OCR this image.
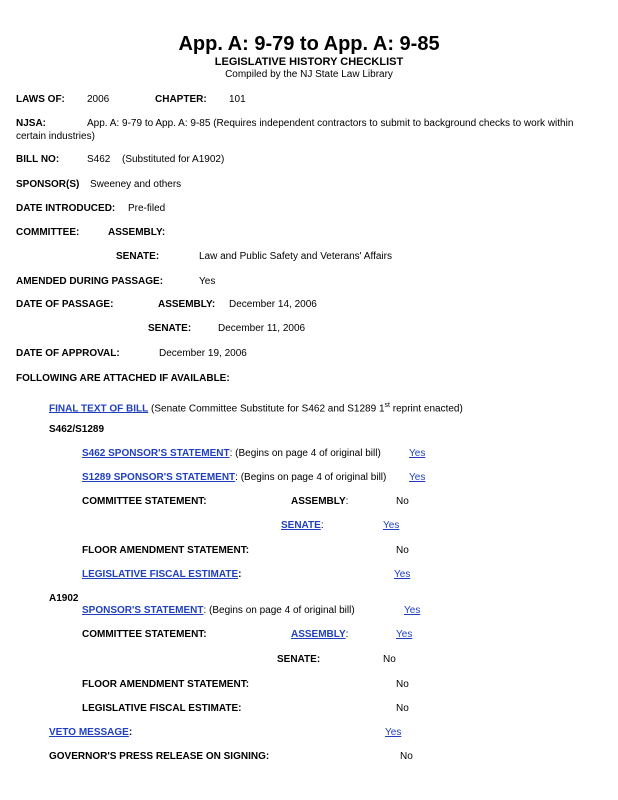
App. A: 9-79 to App. A: 9-85
LEGISLATIVE HISTORY CHECKLIST
Compiled by the NJ State Law Library
LAWS OF: 2006	CHAPTER: 101
NJSA:	App. A: 9-79 to App. A: 9-85 (Requires independent contractors to submit to background checks to work within certain industries)
BILL NO:	S462 (Substituted for A1902)
SPONSOR(S) Sweeney and others
DATE INTRODUCED: Pre-filed
COMMITTEE:	ASSEMBLY:
SENATE:	Law and Public Safety and Veterans' Affairs
AMENDED DURING PASSAGE:	Yes
DATE OF PASSAGE:	ASSEMBLY: December 14, 2006
SENATE:	December 11, 2006
DATE OF APPROVAL:	December 19, 2006
FOLLOWING ARE ATTACHED IF AVAILABLE:
FINAL TEXT OF BILL (Senate Committee Substitute for S462 and S1289 1st reprint enacted)
S462/S1289
S462 SPONSOR'S STATEMENT: (Begins on page 4 of original bill)	Yes
S1289 SPONSOR'S STATEMENT: (Begins on page 4 of original bill) Yes
COMMITTEE STATEMENT:	ASSEMBLY:	No
SENATE:	Yes
FLOOR AMENDMENT STATEMENT:	No
LEGISLATIVE FISCAL ESTIMATE:	Yes
A1902
SPONSOR'S STATEMENT: (Begins on page 4 of original bill)	Yes
COMMITTEE STATEMENT:	ASSEMBLY:	Yes
SENATE:	No
FLOOR AMENDMENT STATEMENT:	No
LEGISLATIVE FISCAL ESTIMATE:	No
VETO MESSAGE:	Yes
GOVERNOR'S PRESS RELEASE ON SIGNING:	No
